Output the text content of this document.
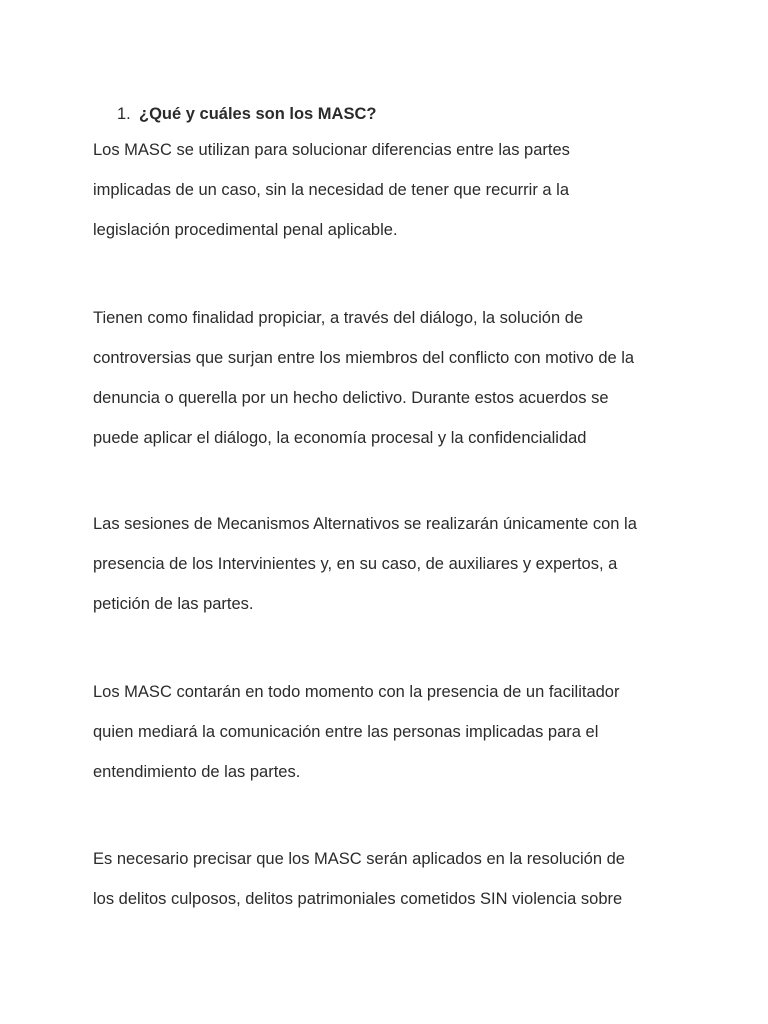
1. ¿Qué y cuáles son los MASC?
Los MASC se utilizan para solucionar diferencias entre las partes
implicadas de un caso, sin la necesidad de tener que recurrir a la
legislación procedimental penal aplicable.
Tienen como finalidad propiciar, a través del diálogo, la solución de
controversias que surjan entre los miembros del conflicto con motivo de la
denuncia o querella por un hecho delictivo. Durante estos acuerdos se
puede aplicar el diálogo, la economía procesal y la confidencialidad
Las sesiones de Mecanismos Alternativos se realizarán únicamente con la
presencia de los Intervinientes y, en su caso, de auxiliares y expertos, a
petición de las partes.
Los MASC contarán en todo momento con la presencia de un facilitador
quien mediará la comunicación entre las personas implicadas para el
entendimiento de las partes.
Es necesario precisar que los MASC serán aplicados en la resolución de
los delitos culposos, delitos patrimoniales cometidos SIN violencia sobre
